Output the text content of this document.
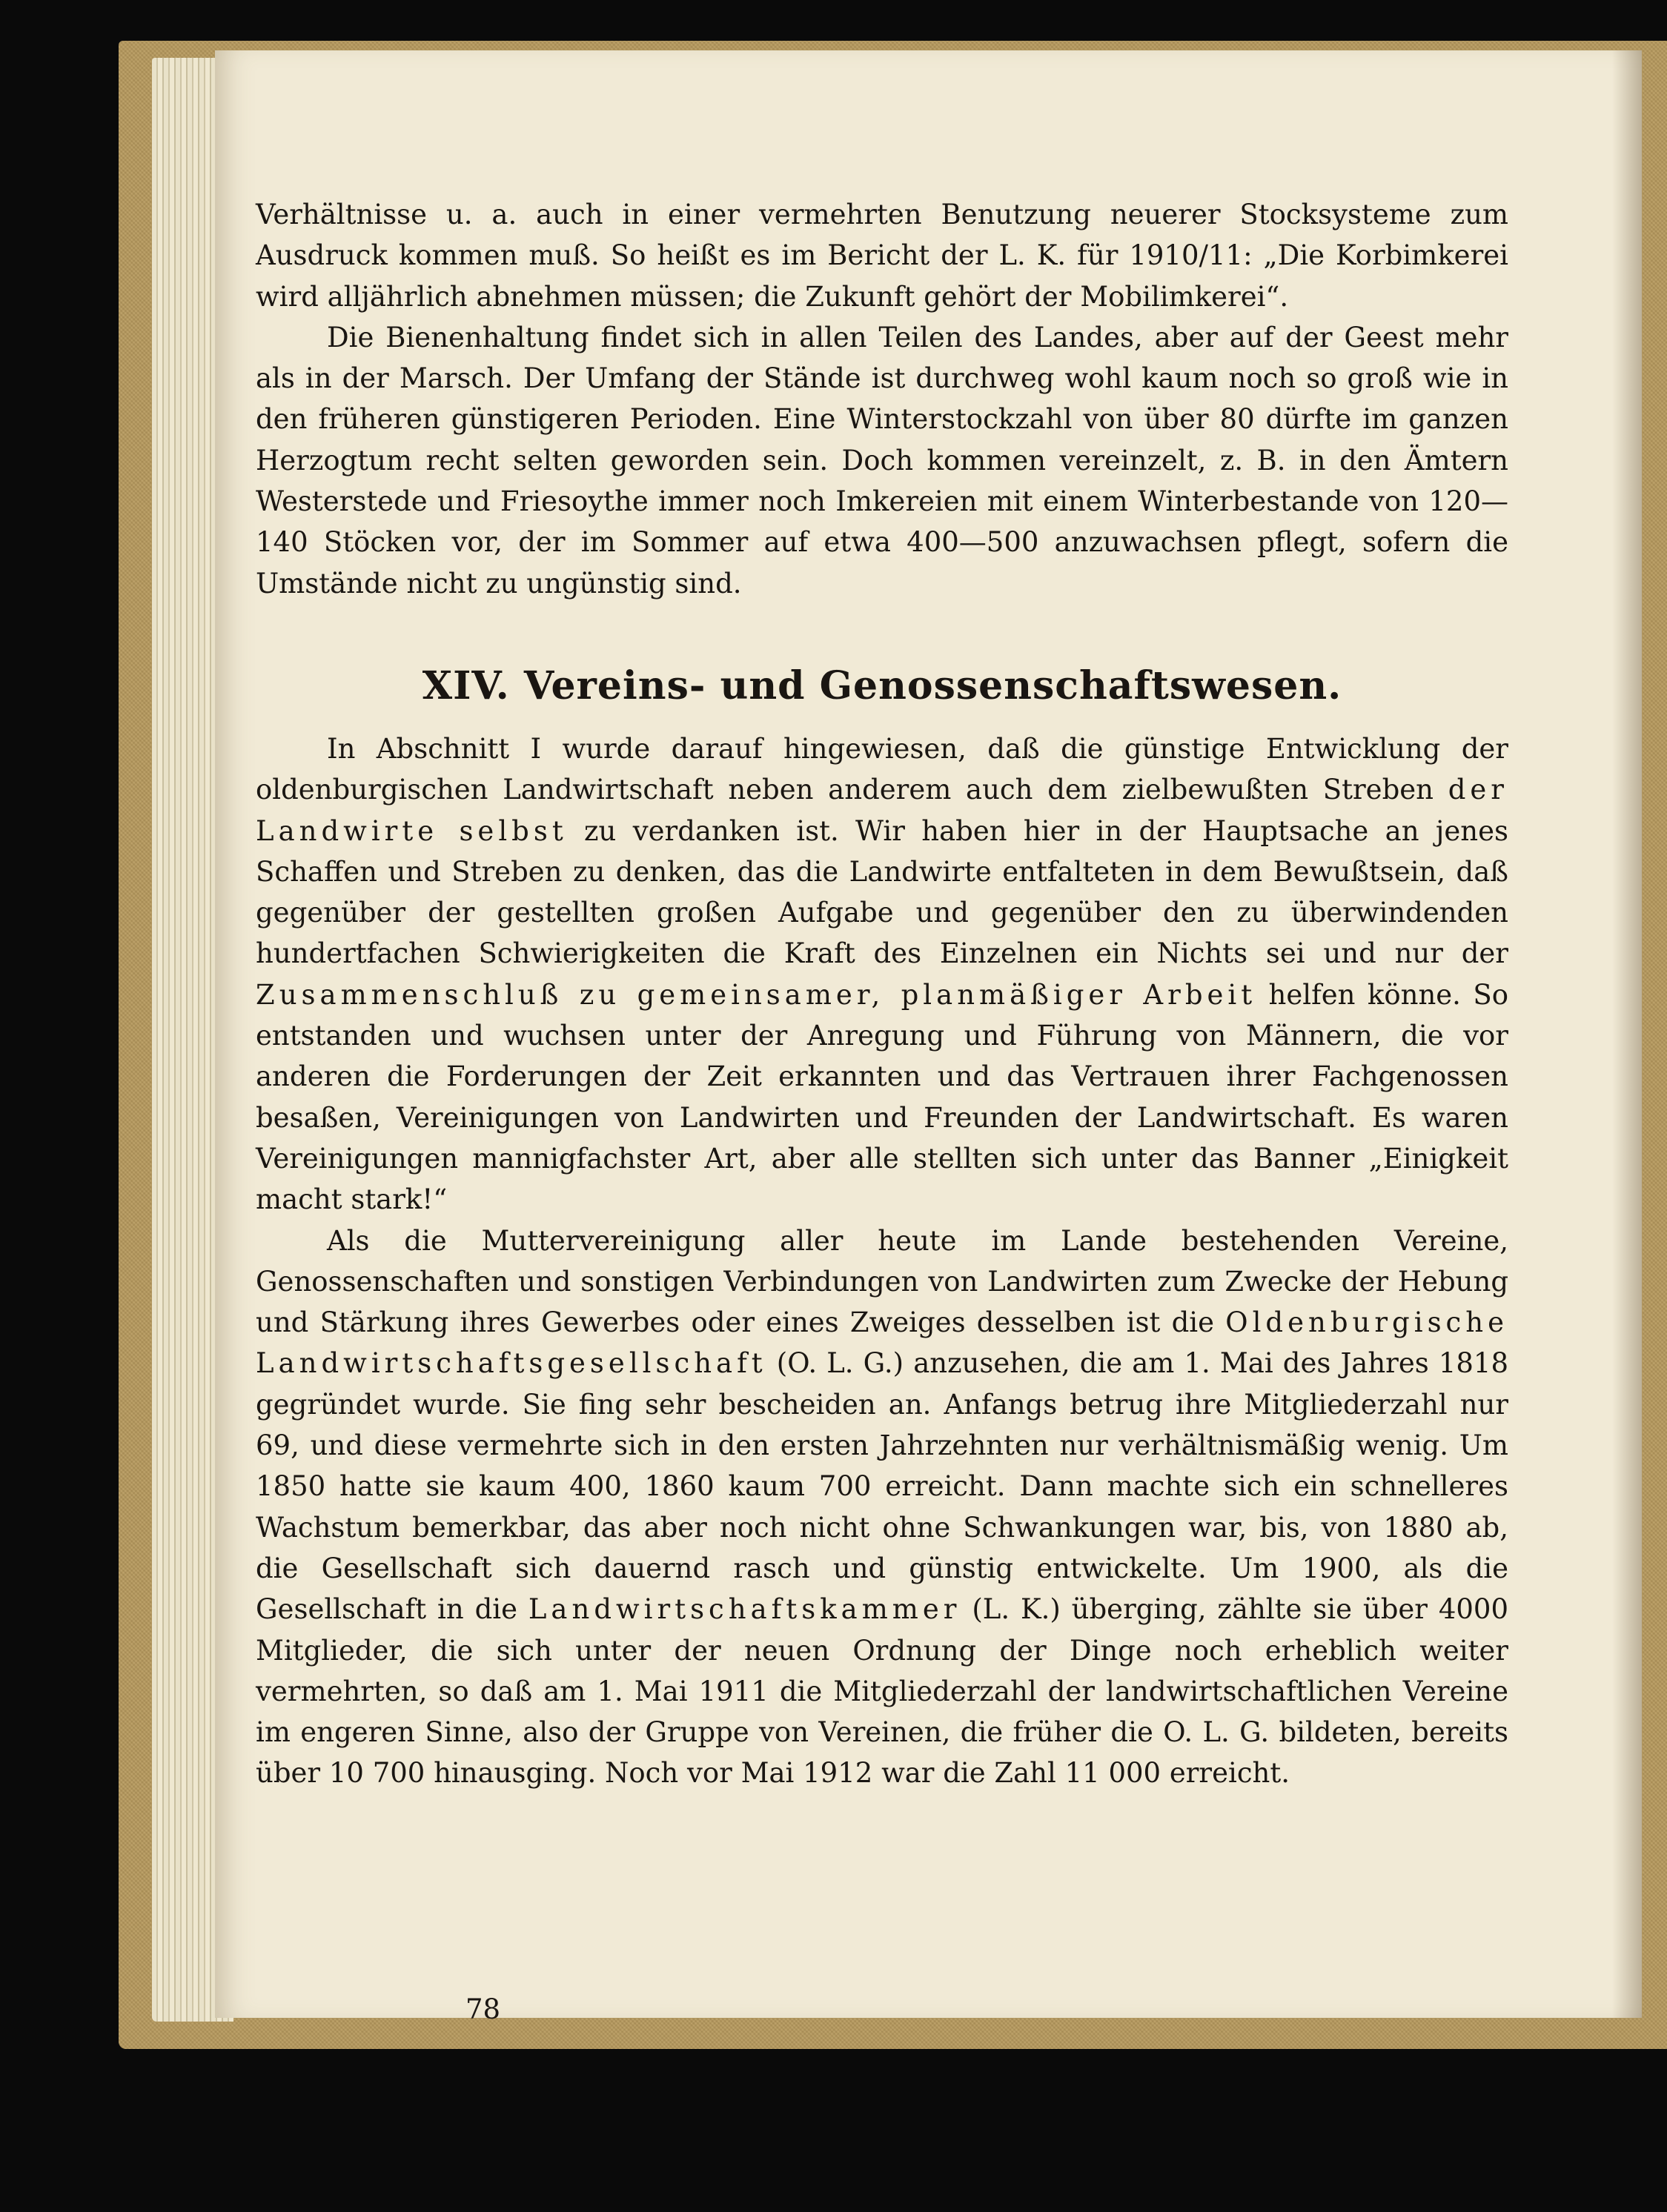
Verhältnisse u. a. auch in einer vermehrten Benutzung neuerer Stocksysteme zum Ausdruck kommen muß. So heißt es im Bericht der L. K. für 1910/11: „Die Korbimkerei wird alljährlich abnehmen müssen; die Zukunft gehört der Mobilimkerei“.

Die Bienenhaltung findet sich in allen Teilen des Landes, aber auf der Geest mehr als in der Marsch. Der Umfang der Stände ist durchweg wohl kaum noch so groß wie in den früheren günstigeren Perioden. Eine Winterstockzahl von über 80 dürfte im ganzen Herzogtum recht selten geworden sein. Doch kommen vereinzelt, z. B. in den Ämtern Westerstede und Friesoythe immer noch Imkereien mit einem Winterbestande von 120—140 Stöcken vor, der im Sommer auf etwa 400—500 anzuwachsen pflegt, sofern die Umstände nicht zu ungünstig sind.

XIV. Vereins- und Genossenschaftswesen.

In Abschnitt I wurde darauf hingewiesen, daß die günstige Entwicklung der oldenburgischen Landwirtschaft neben anderem auch dem zielbewußten Streben der Landwirte selbst zu verdanken ist. Wir haben hier in der Hauptsache an jenes Schaffen und Streben zu denken, das die Landwirte entfalteten in dem Bewußtsein, daß gegenüber der gestellten großen Aufgabe und gegenüber den zu überwindenden hundertfachen Schwierigkeiten die Kraft des Einzelnen ein Nichts sei und nur der Zusammenschluß zu gemeinsamer, planmäßiger Arbeit helfen könne. So entstanden und wuchsen unter der Anregung und Führung von Männern, die vor anderen die Forderungen der Zeit erkannten und das Vertrauen ihrer Fachgenossen besaßen, Vereinigungen von Landwirten und Freunden der Landwirtschaft. Es waren Vereinigungen mannigfachster Art, aber alle stellten sich unter das Banner „Einigkeit macht stark!“

Als die Muttervereinigung aller heute im Lande bestehenden Vereine, Genossenschaften und sonstigen Verbindungen von Landwirten zum Zwecke der Hebung und Stärkung ihres Gewerbes oder eines Zweiges desselben ist die Oldenburgische Landwirtschaftsgesellschaft (O. L. G.) anzusehen, die am 1. Mai des Jahres 1818 gegründet wurde. Sie fing sehr bescheiden an. Anfangs betrug ihre Mitgliederzahl nur 69, und diese vermehrte sich in den ersten Jahrzehnten nur verhältnismäßig wenig. Um 1850 hatte sie kaum 400, 1860 kaum 700 erreicht. Dann machte sich ein schnelleres Wachstum bemerkbar, das aber noch nicht ohne Schwankungen war, bis, von 1880 ab, die Gesellschaft sich dauernd rasch und günstig entwickelte. Um 1900, als die Gesellschaft in die Landwirtschaftskammer (L. K.) überging, zählte sie über 4000 Mitglieder, die sich unter der neuen Ordnung der Dinge noch erheblich weiter vermehrten, so daß am 1. Mai 1911 die Mitgliederzahl der landwirtschaftlichen Vereine im engeren Sinne, also der Gruppe von Vereinen, die früher die O. L. G. bildeten, bereits über 10 700 hinausging. Noch vor Mai 1912 war die Zahl 11 000 erreicht.

78
